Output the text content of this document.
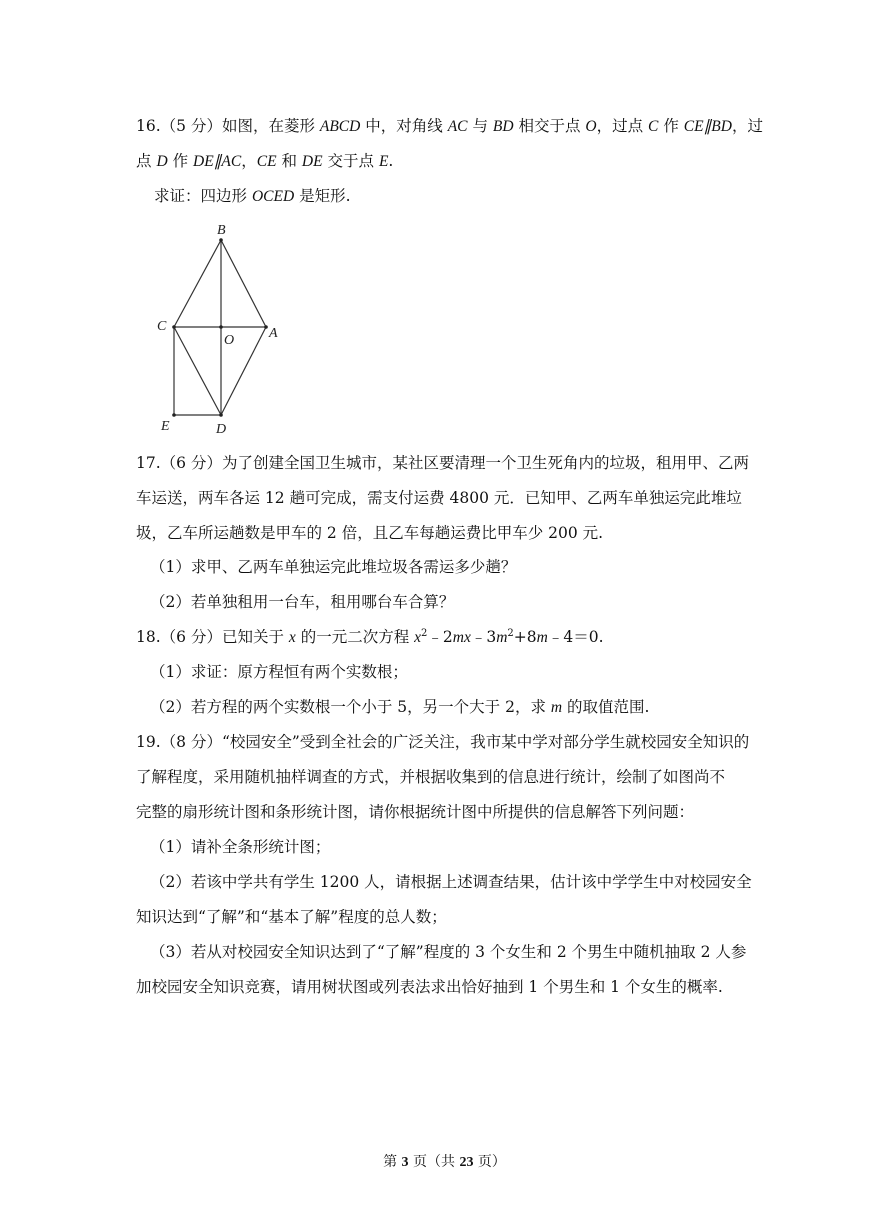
16.（5 分）如图，在菱形 ABCD 中，对角线 AC 与 BD 相交于点 O，过点 C 作 CE∥BD，过
点 D 作 DE∥AC，CE 和 DE 交于点 E.
求证：四边形 OCED 是矩形.
B
C
O A
E	D
17.（6 分）为了创建全国卫生城市，某社区要清理一个卫生死角内的垃圾，租用甲、乙两
车运送，两车各运 12 趟可完成，需支付运费 4800 元．已知甲、乙两车单独运完此堆垃
圾，乙车所运趟数是甲车的 2 倍，且乙车每趟运费比甲车少 200 元.
（1）求甲、乙两车单独运完此堆垃圾各需运多少趟？
（2）若单独租用一台车，租用哪台车合算？
18.（6 分）已知关于 x 的一元二次方程 $x^2﹣2mx﹣3m^2+8m﹣4=0$.
（1）求证：原方程恒有两个实数根；
（2）若方程的两个实数根一个小于 5，另一个大于 2，求 m 的取值范围.
19.（8 分）“校园安全”受到全社会的广泛关注，我市某中学对部分学生就校园安全知识的
了解程度，采用随机抽样调查的方式，并根据收集到的信息进行统计，绘制了如图尚不
完整的扇形统计图和条形统计图，请你根据统计图中所提供的信息解答下列问题：
（1）请补全条形统计图；
（2）若该中学共有学生 1200 人，请根据上述调查结果，估计该中学学生中对校园安全
知识达到“了解”和“基本了解”程度的总人数；
（3）若从对校园安全知识达到了“了解”程度的 3 个女生和 2 个男生中随机抽取 2 人参
加校园安全知识竞赛，请用树状图或列表法求出恰好抽到 1 个男生和 1 个女生的概率.
第 3 页（共 23 页）
